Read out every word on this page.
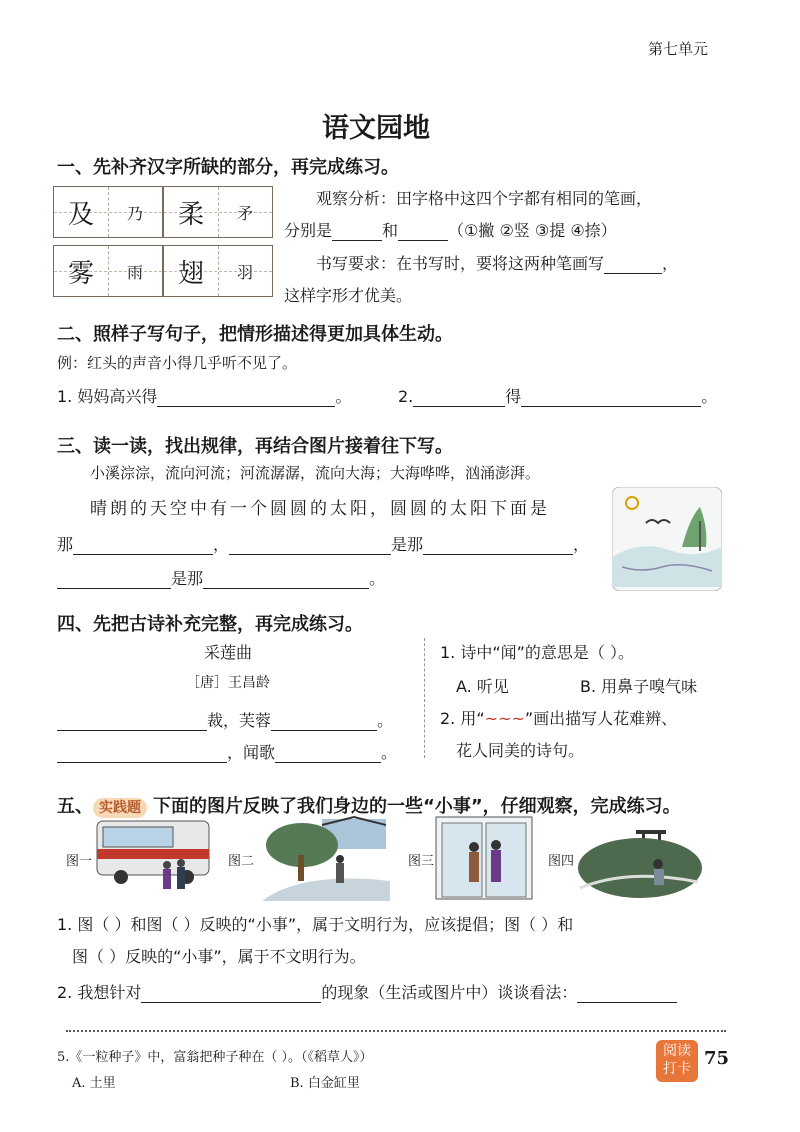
第七单元
语文园地
一、先补齐汉字所缺的部分，再完成练习。
及	乃	柔	矛
雾	雨	翅	羽
观察分析：田字格中这四个字都有相同的笔画，
分别是	和	（①撇 ②竖 ③提 ④捺）
书写要求：在书写时，要将这两种笔画写	，
这样字形才优美。
二、照样子写句子，把情形描述得更加具体生动。
例：红头的声音小得几乎听不见了。
1. 妈妈高兴得	。	2.	得	。
三、读一读，找出规律，再结合图片接着往下写。
小溪淙淙，流向河流；河流潺潺，流向大海；大海哗哗，汹涌澎湃。
晴朗的天空中有一个圆圆的太阳，圆圆的太阳下面是
那	，	是那	，
是那	。
四、先把古诗补充完整，再完成练习。
采莲曲
［唐］王昌龄
裁，芙蓉	。
，闻歌	。
1. 诗中“闻”的意思是（ ）。
A. 听见	B. 用鼻子嗅气味
2. 用“~~~”画出描写人花难辨、
花人同美的诗句。
五、 实践题 下面的图片反映了我们身边的一些“小事”，仔细观察，完成练习。
图一	图二	图三	图四
1. 图（ ）和图（ ）反映的“小事”，属于文明行为，应该提倡；图（ ）和
图（ ）反映的“小事”，属于不文明行为。
2. 我想针对	的现象（生活或图片中）谈谈看法：
5.《一粒种子》中，富翁把种子种在（ ）。（《稻草人》）
A. 土里	B. 白金缸里
阅读
打卡 75
